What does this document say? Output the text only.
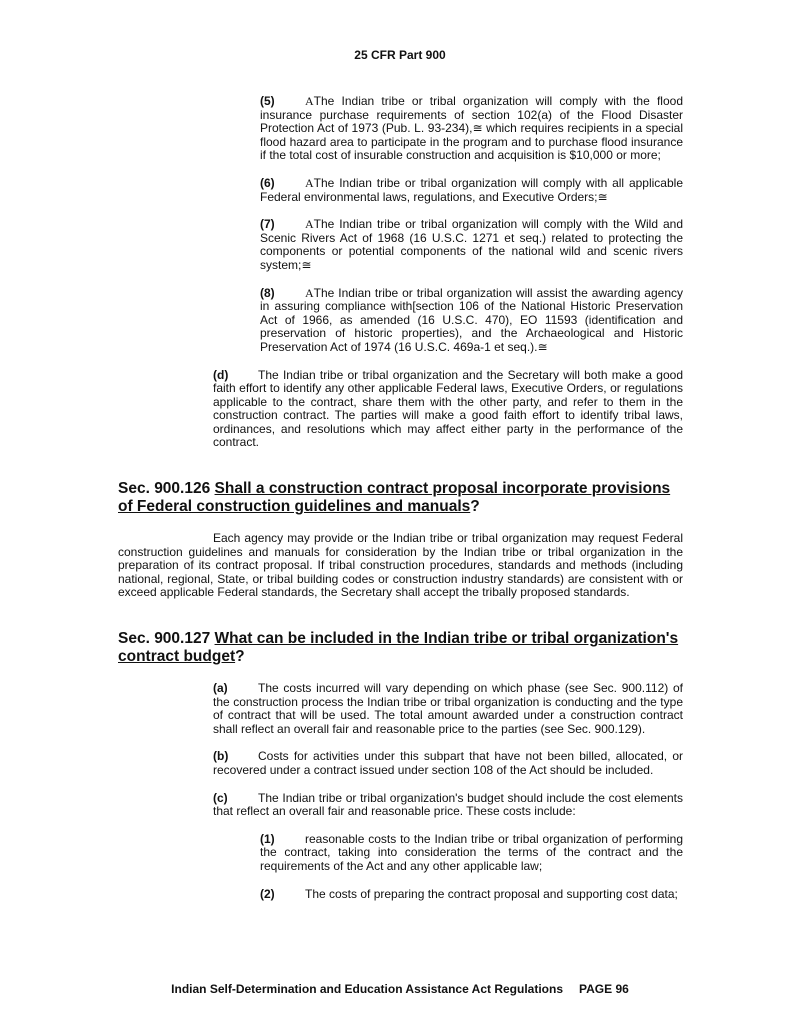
25 CFR Part 900

(5)	AThe Indian tribe or tribal organization will comply with the flood insurance purchase requirements of section 102(a) of the Flood Disaster Protection Act of 1973 (Pub. L. 93-234),≅ which requires recipients in a special flood hazard area to participate in the program and to purchase flood insurance if the total cost of insurable construction and acquisition is $10,000 or more;

(6)	AThe Indian tribe or tribal organization will comply with all applicable Federal environmental laws, regulations, and Executive Orders;≅

(7)	AThe Indian tribe or tribal organization will comply with the Wild and Scenic Rivers Act of 1968 (16 U.S.C. 1271 et seq.) related to protecting the components or potential components of the national wild and scenic rivers system;≅

(8)	AThe Indian tribe or tribal organization will assist the awarding agency in assuring compliance with[section 106 of the National Historic Preservation Act of 1966, as amended (16 U.S.C. 470), EO 11593 (identification and preservation of historic properties), and the Archaeological and Historic Preservation Act of 1974 (16 U.S.C. 469a-1 et seq.).≅

(d) The Indian tribe or tribal organization and the Secretary will both make a good faith effort to identify any other applicable Federal laws, Executive Orders, or regulations applicable to the contract, share them with the other party, and refer to them in the construction contract. The parties will make a good faith effort to identify tribal laws, ordinances, and resolutions which may affect either party in the performance of the contract.

Sec. 900.126 Shall a construction contract proposal incorporate provisions of Federal construction guidelines and manuals?

Each agency may provide or the Indian tribe or tribal organization may request Federal construction guidelines and manuals for consideration by the Indian tribe or tribal organization in the preparation of its contract proposal. If tribal construction procedures, standards and methods (including national, regional, State, or tribal building codes or construction industry standards) are consistent with or exceed applicable Federal standards, the Secretary shall accept the tribally proposed standards.

Sec. 900.127 What can be included in the Indian tribe or tribal organization's contract budget?

(a)	The costs incurred will vary depending on which phase (see Sec. 900.112) of the construction process the Indian tribe or tribal organization is conducting and the type of contract that will be used. The total amount awarded under a construction contract shall reflect an overall fair and reasonable price to the parties (see Sec. 900.129).

(b) Costs for activities under this subpart that have not been billed, allocated, or recovered under a contract issued under section 108 of the Act should be included.

(c)	The Indian tribe or tribal organization's budget should include the cost elements that reflect an overall fair and reasonable price. These costs include:

(1)	reasonable costs to the Indian tribe or tribal organization of performing the contract, taking into consideration the terms of the contract and the requirements of the Act and any other applicable law;

(2)	The costs of preparing the contract proposal and supporting cost data;

Indian Self-Determination and Education Assistance Act Regulations PAGE 96
